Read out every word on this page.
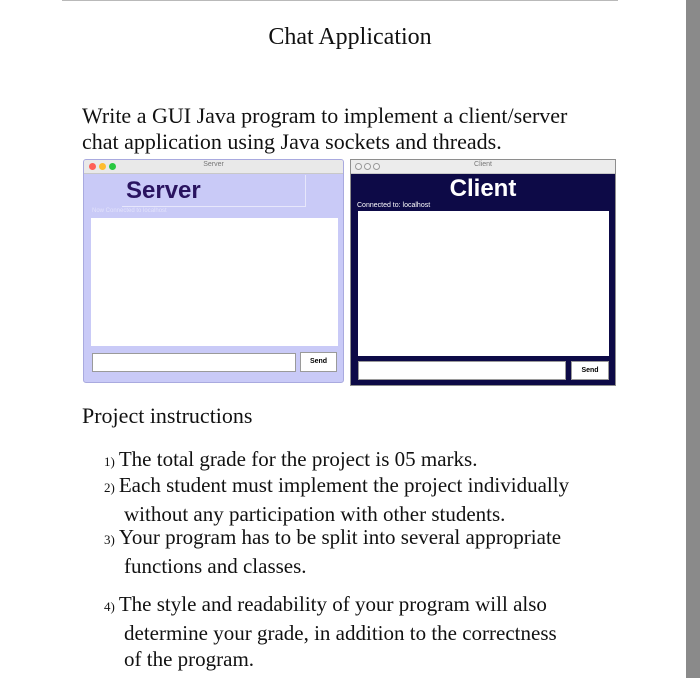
Chat Application
Write a GUI Java program to implement a client/server
chat application using Java sockets and threads.
Server
Server
Now Connected to localhost
Send
Client
Client
Connected to: localhost
Send
Project instructions
1) The total grade for the project is 05 marks.
2) Each student must implement the project individually
without any participation with other students.
3) Your program has to be split into several appropriate
functions and classes.
4) The style and readability of your program will also
determine your grade, in addition to the correctness
of the program.
